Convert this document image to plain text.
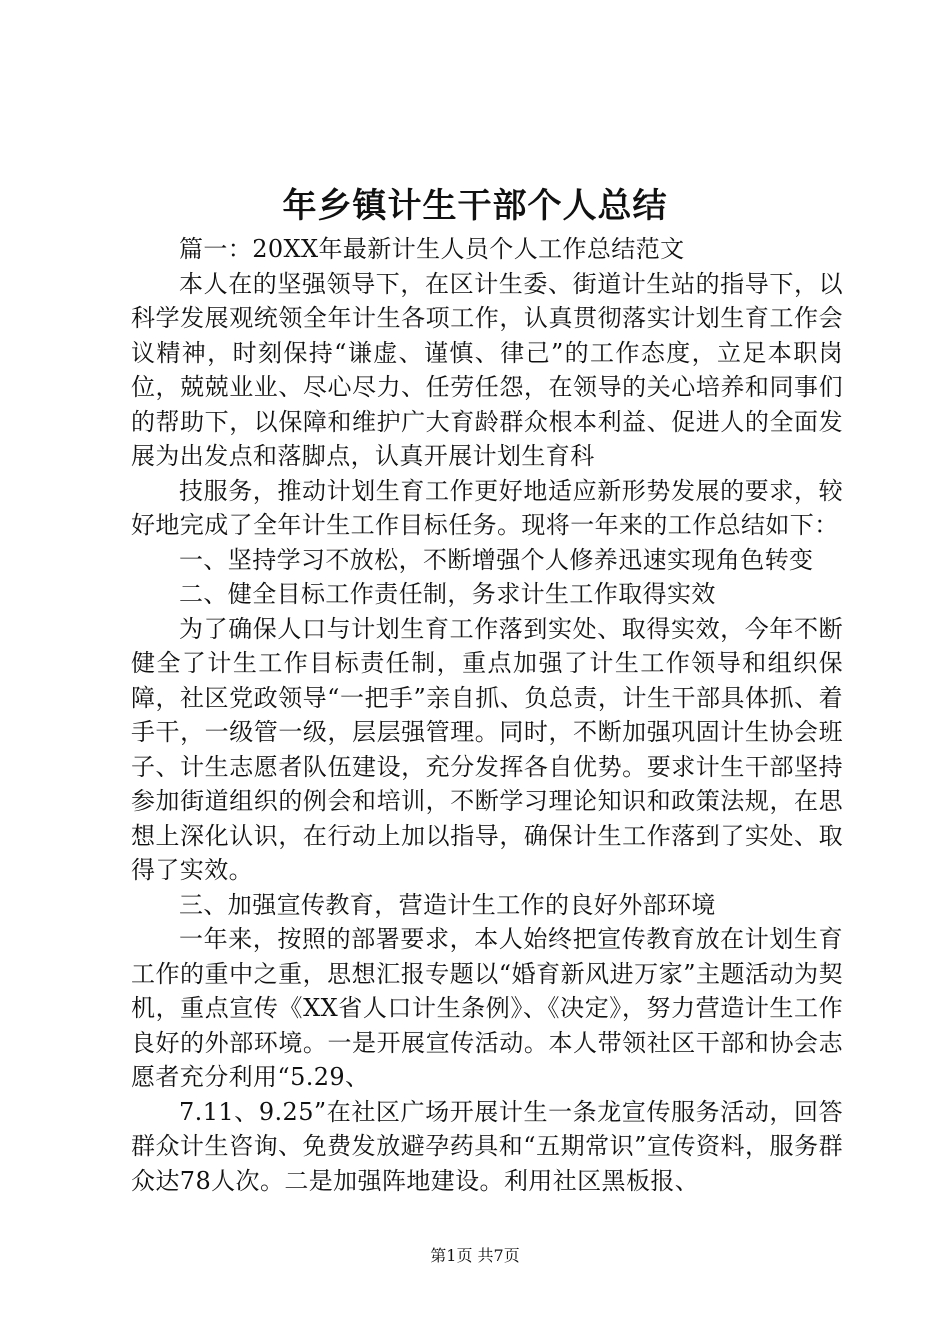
年乡镇计生干部个人总结

篇一：20XX年最新计生人员个人工作总结范文

本人在的坚强领导下，在区计生委、街道计生站的指导下，以科学发展观统领全年计生各项工作，认真贯彻落实计划生育工作会议精神，时刻保持“谦虚、谨慎、律己”的工作态度，立足本职岗位，兢兢业业、尽心尽力、任劳任怨，在领导的关心培养和同事们的帮助下，以保障和维护广大育龄群众根本利益、促进人的全面发展为出发点和落脚点，认真开展计划生育科

技服务，推动计划生育工作更好地适应新形势发展的要求，较好地完成了全年计生工作目标任务。现将一年来的工作总结如下：

一、坚持学习不放松，不断增强个人修养迅速实现角色转变

二、健全目标工作责任制，务求计生工作取得实效

为了确保人口与计划生育工作落到实处、取得实效，今年不断健全了计生工作目标责任制，重点加强了计生工作领导和组织保障，社区党政领导“一把手”亲自抓、负总责，计生干部具体抓、着手干，一级管一级，层层强管理。同时，不断加强巩固计生协会班子、计生志愿者队伍建设，充分发挥各自优势。要求计生干部坚持参加街道组织的例会和培训，不断学习理论知识和政策法规，在思想上深化认识，在行动上加以指导，确保计生工作落到了实处、取得了实效。

三、加强宣传教育，营造计生工作的良好外部环境

一年来，按照的部署要求，本人始终把宣传教育放在计划生育工作的重中之重，思想汇报专题以“婚育新风进万家”主题活动为契机，重点宣传《XX省人口计生条例》、《决定》，努力营造计生工作良好的外部环境。一是开展宣传活动。本人带领社区干部和协会志愿者充分利用“5.29、

7.11、9.25”在社区广场开展计生一条龙宣传服务活动，回答群众计生咨询、免费发放避孕药具和“五期常识”宣传资料，服务群众达78人次。二是加强阵地建设。利用社区黑板报、

第1页 共7页
